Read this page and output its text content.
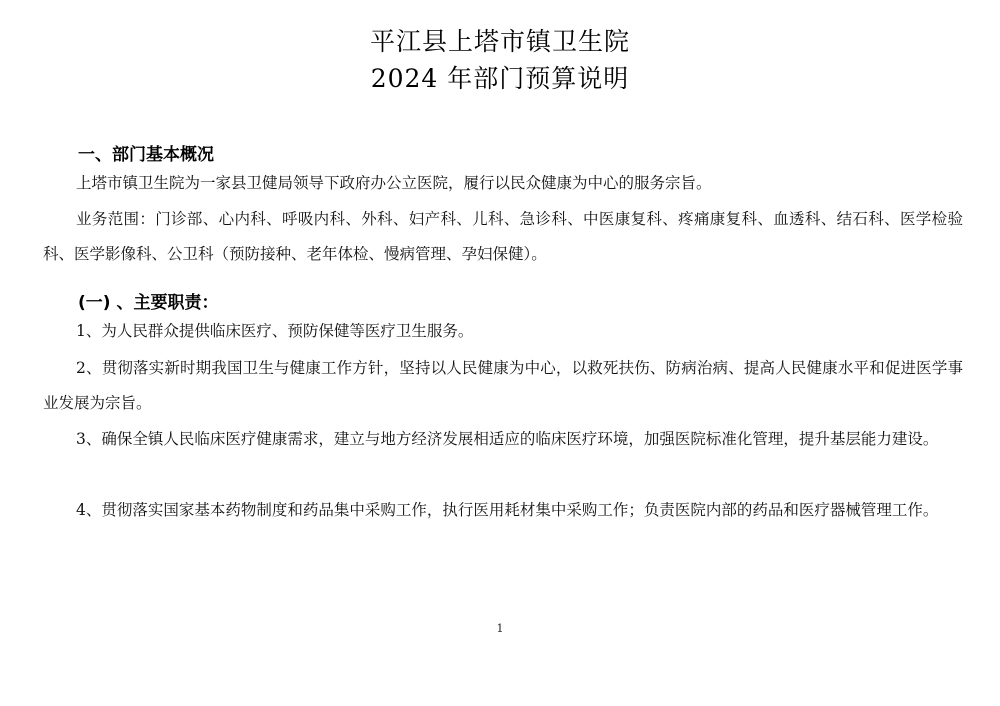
平江县上塔市镇卫生院
2024 年部门预算说明
一、部门基本概况
上塔市镇卫生院为一家县卫健局领导下政府办公立医院，履行以民众健康为中心的服务宗旨。
业务范围：门诊部、心内科、呼吸内科、外科、妇产科、儿科、急诊科、中医康复科、疼痛康复科、血透科、结石科、医学检验科、医学影像科、公卫科（预防接种、老年体检、慢病管理、孕妇保健）。
(一) 、主要职责：
1、为人民群众提供临床医疗、预防保健等医疗卫生服务。
2、贯彻落实新时期我国卫生与健康工作方针，坚持以人民健康为中心，以救死扶伤、防病治病、提高人民健康水平和促进医学事业发展为宗旨。
3、确保全镇人民临床医疗健康需求，建立与地方经济发展相适应的临床医疗环境，加强医院标准化管理，提升基层能力建设。
4、贯彻落实国家基本药物制度和药品集中采购工作，执行医用耗材集中采购工作；负责医院内部的药品和医疗器械管理工作。
1
